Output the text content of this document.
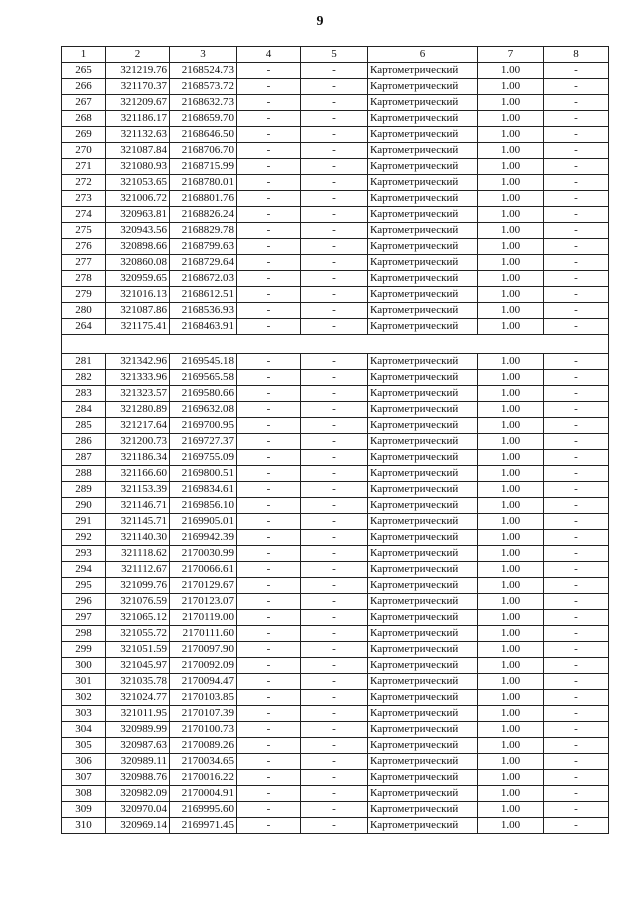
9
1	2	3	4	5	6	7	8
265	321219.76	2168524.73	-	-	Картометрический	1.00	-
266	321170.37	2168573.72	-	-	Картометрический	1.00	-
267	321209.67	2168632.73	-	-	Картометрический	1.00	-
268	321186.17	2168659.70	-	-	Картометрический	1.00	-
269	321132.63	2168646.50	-	-	Картометрический	1.00	-
270	321087.84	2168706.70	-	-	Картометрический	1.00	-
271	321080.93	2168715.99	-	-	Картометрический	1.00	-
272	321053.65	2168780.01	-	-	Картометрический	1.00	-
273	321006.72	2168801.76	-	-	Картометрический	1.00	-
274	320963.81	2168826.24	-	-	Картометрический	1.00	-
275	320943.56	2168829.78	-	-	Картометрический	1.00	-
276	320898.66	2168799.63	-	-	Картометрический	1.00	-
277	320860.08	2168729.64	-	-	Картометрический	1.00	-
278	320959.65	2168672.03	-	-	Картометрический	1.00	-
279	321016.13	2168612.51	-	-	Картометрический	1.00	-
280	321087.86	2168536.93	-	-	Картометрический	1.00	-
264	321175.41	2168463.91	-	-	Картометрический	1.00	-

281	321342.96	2169545.18	-	-	Картометрический	1.00	-
282	321333.96	2169565.58	-	-	Картометрический	1.00	-
283	321323.57	2169580.66	-	-	Картометрический	1.00	-
284	321280.89	2169632.08	-	-	Картометрический	1.00	-
285	321217.64	2169700.95	-	-	Картометрический	1.00	-
286	321200.73	2169727.37	-	-	Картометрический	1.00	-
287	321186.34	2169755.09	-	-	Картометрический	1.00	-
288	321166.60	2169800.51	-	-	Картометрический	1.00	-
289	321153.39	2169834.61	-	-	Картометрический	1.00	-
290	321146.71	2169856.10	-	-	Картометрический	1.00	-
291	321145.71	2169905.01	-	-	Картометрический	1.00	-
292	321140.30	2169942.39	-	-	Картометрический	1.00	-
293	321118.62	2170030.99	-	-	Картометрический	1.00	-
294	321112.67	2170066.61	-	-	Картометрический	1.00	-
295	321099.76	2170129.67	-	-	Картометрический	1.00	-
296	321076.59	2170123.07	-	-	Картометрический	1.00	-
297	321065.12	2170119.00	-	-	Картометрический	1.00	-
298	321055.72	2170111.60	-	-	Картометрический	1.00	-
299	321051.59	2170097.90	-	-	Картометрический	1.00	-
300	321045.97	2170092.09	-	-	Картометрический	1.00	-
301	321035.78	2170094.47	-	-	Картометрический	1.00	-
302	321024.77	2170103.85	-	-	Картометрический	1.00	-
303	321011.95	2170107.39	-	-	Картометрический	1.00	-
304	320989.99	2170100.73	-	-	Картометрический	1.00	-
305	320987.63	2170089.26	-	-	Картометрический	1.00	-
306	320989.11	2170034.65	-	-	Картометрический	1.00	-
307	320988.76	2170016.22	-	-	Картометрический	1.00	-
308	320982.09	2170004.91	-	-	Картометрический	1.00	-
309	320970.04	2169995.60	-	-	Картометрический	1.00	-
310	320969.14	2169971.45	-	-	Картометрический	1.00	-
